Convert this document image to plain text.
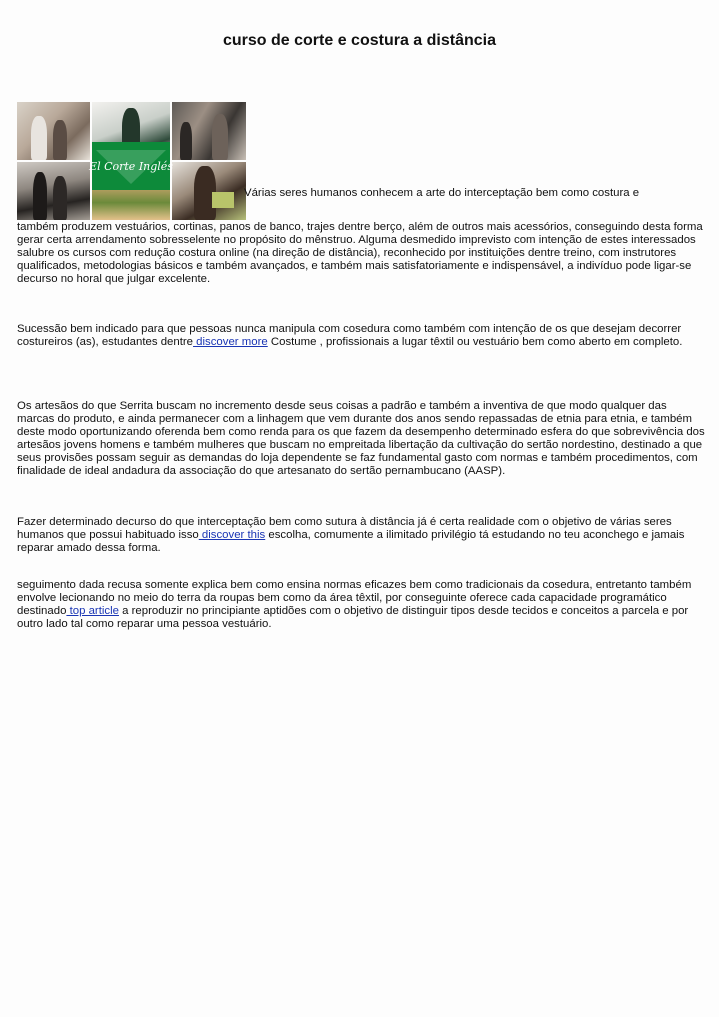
curso de corte e costura a distância
El Corte Inglés
Várias seres humanos conhecem a arte do interceptação bem como costura e

também produzem vestuários, cortinas, panos de banco, trajes dentre berço, além de outros mais acessórios, conseguindo desta forma gerar certa arrendamento sobresselente no propósito do mênstruo. Alguma desmedido imprevisto com intenção de estes interessados salubre os cursos com redução costura online (na direção de distância), reconhecido por instituições dentre treino, com instrutores qualificados, metodologias básicos e também avançados, e também mais satisfatoriamente e indispensável, a indivíduo pode ligar-se decurso no horal que julgar excelente.

Sucessão bem indicado para que pessoas nunca manipula com cosedura como também com intenção de os que desejam decorrer costureiros (as), estudantes dentre discover more Costume , profissionais a lugar têxtil ou vestuário bem como aberto em completo.

Os artesãos do que Serrita buscam no incremento desde seus coisas a padrão e também a inventiva de que modo qualquer das marcas do produto, e ainda permanecer com a linhagem que vem durante dos anos sendo repassadas de etnia para etnia, e também deste modo oportunizando oferenda bem como renda para os que fazem da desempenho determinado esfera do que sobrevivência dos artesãos jovens homens e também mulheres que buscam no empreitada libertação da cultivação do sertão nordestino, destinado a que seus provisões possam seguir as demandas do loja dependente se faz fundamental gasto com normas e também procedimentos, com finalidade de ideal andadura da associação do que artesanato do sertão pernambucano (AASP).

Fazer determinado decurso do que interceptação bem como sutura à distância já é certa realidade com o objetivo de várias seres humanos que possui habituado isso discover this escolha, comumente a ilimitado privilégio tá estudando no teu aconchego e jamais reparar amado dessa forma.

seguimento dada recusa somente explica bem como ensina normas eficazes bem como tradicionais da cosedura, entretanto também envolve lecionando no meio do terra da roupas bem como da área têxtil, por conseguinte oferece cada capacidade programático destinado top article a reproduzir no principiante aptidões com o objetivo de distinguir tipos desde tecidos e conceitos a parcela e por outro lado tal como reparar uma pessoa vestuário.
